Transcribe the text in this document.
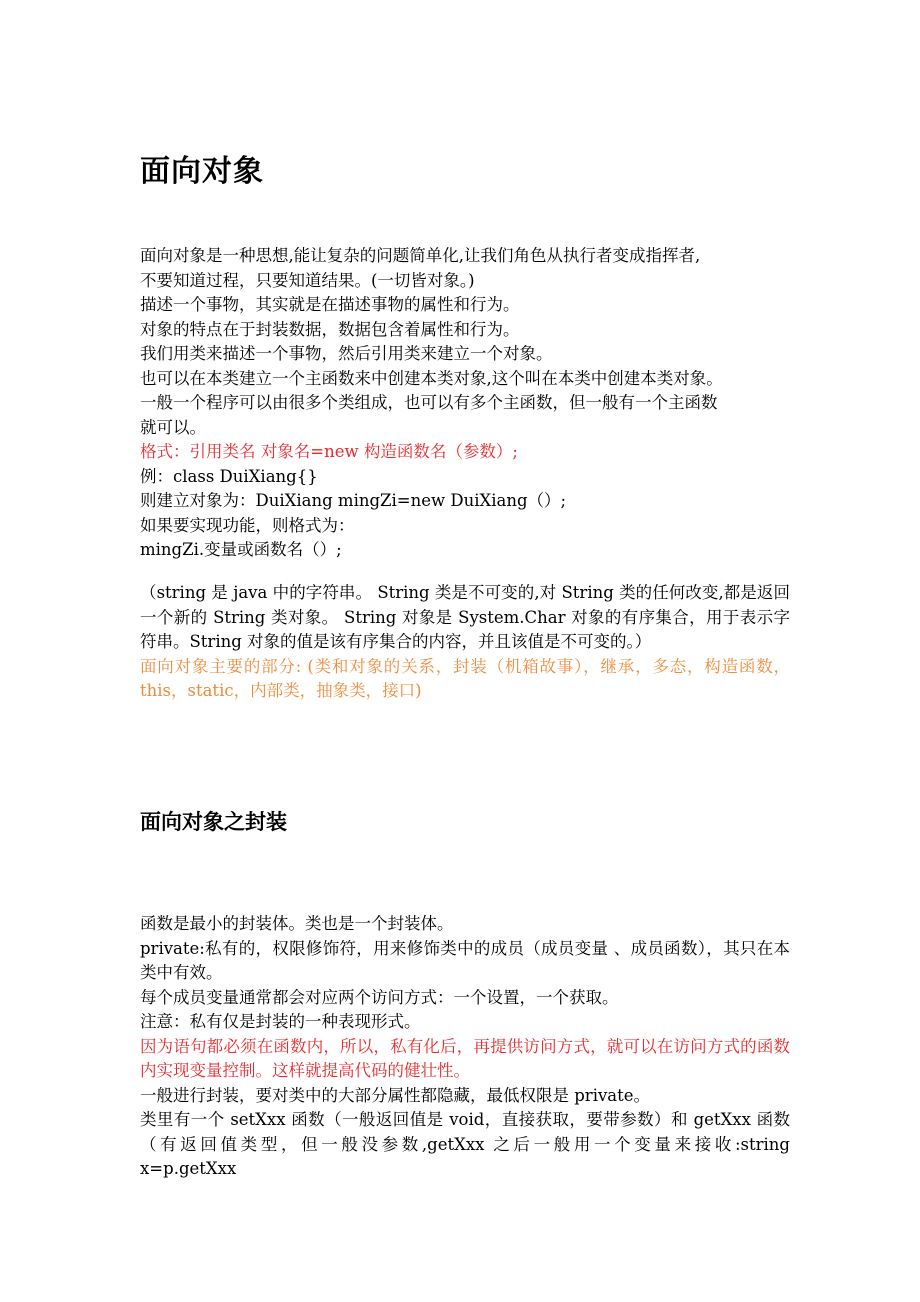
面向对象

面向对象是一种思想,能让复杂的问题简单化,让我们角色从执行者变成指挥者,

不要知道过程，只要知道结果。(一切皆对象。)

描述一个事物，其实就是在描述事物的属性和行为。

对象的特点在于封装数据，数据包含着属性和行为。

我们用类来描述一个事物，然后引用类来建立一个对象。

也可以在本类建立一个主函数来中创建本类对象,这个叫在本类中创建本类对象。

一般一个程序可以由很多个类组成，也可以有多个主函数，但一般有一个主函数

就可以。

格式：引用类名 对象名=new 构造函数名（参数）;

例：class DuiXiang{}

则建立对象为：DuiXiang mingZi=new DuiXiang（）;

如果要实现功能，则格式为：

mingZi.变量或函数名（）;

（string 是 java 中的字符串。 String 类是不可变的,对 String 类的任何改变,都是返回一个新的 String 类对象。 String 对象是 System.Char 对象的有序集合，用于表示字符串。String 对象的值是该有序集合的内容，并且该值是不可变的。）

面向对象主要的部分: (类和对象的关系，封装（机箱故事），继承，多态，构造函数，this，static，内部类，抽象类，接口)

面向对象之封装

函数是最小的封装体。类也是一个封装体。

private:私有的，权限修饰符，用来修饰类中的成员（成员变量 、成员函数），其只在本类中有效。

每个成员变量通常都会对应两个访问方式：一个设置，一个获取。

注意：私有仅是封装的一种表现形式。

因为语句都必须在函数内，所以，私有化后，再提供访问方式，就可以在访问方式的函数内实现变量控制。这样就提高代码的健壮性。

一般进行封装，要对类中的大部分属性都隐藏，最低权限是 private。

类里有一个 setXxx 函数（一般返回值是 void，直接获取，要带参数）和 getXxx 函数（有返回值类型，但一般没参数,getXxx 之后一般用一个变量来接收:string x=p.getXxx
